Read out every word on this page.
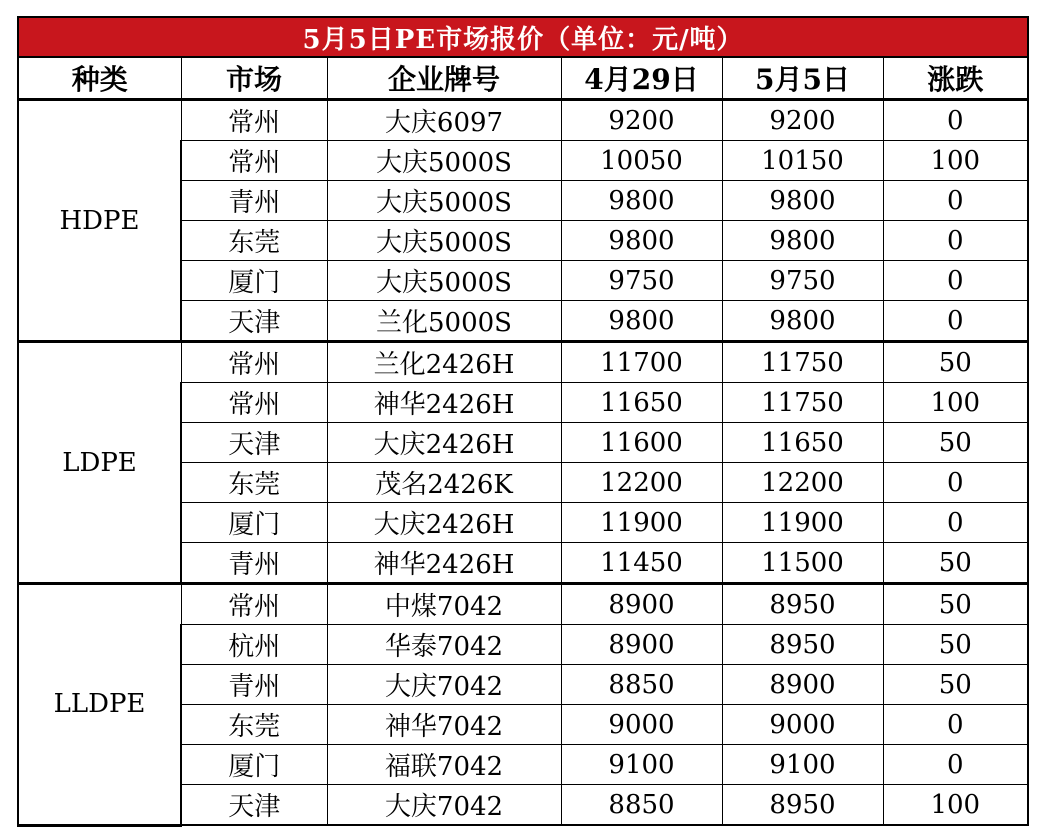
5月5日PE市场报价（单位：元/吨）					
种类	市场	企业牌号	4月29日	5月5日	涨跌
HDPE	常州	大庆6097	9200	9200	0
	常州	大庆5000S	10050	10150	100
	青州	大庆5000S	9800	9800	0
	东莞	大庆5000S	9800	9800	0
	厦门	大庆5000S	9750	9750	0
	天津	兰化5000S	9800	9800	0
LDPE	常州	兰化2426H	11700	11750	50
	常州	神华2426H	11650	11750	100
	天津	大庆2426H	11600	11650	50
	东莞	茂名2426K	12200	12200	0
	厦门	大庆2426H	11900	11900	0
	青州	神华2426H	11450	11500	50
LLDPE	常州	中煤7042	8900	8950	50
	杭州	华泰7042	8900	8950	50
	青州	大庆7042	8850	8900	50
	东莞	神华7042	9000	9000	0
	厦门	福联7042	9100	9100	0
	天津	大庆7042	8850	8950	100
